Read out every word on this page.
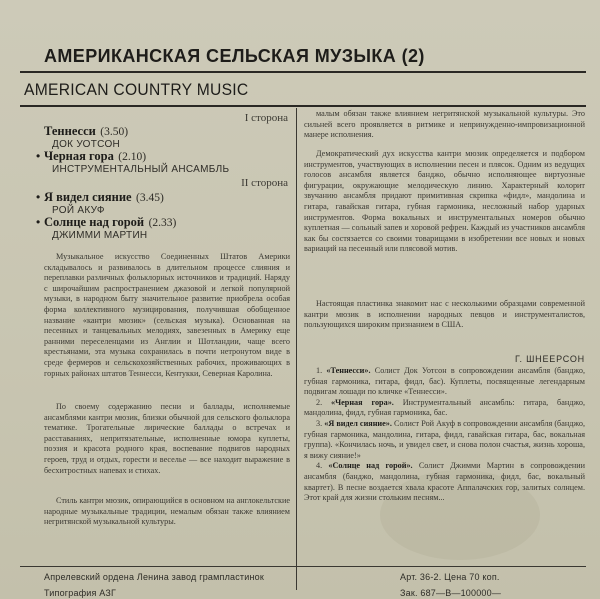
АМЕРИКАНСКАЯ СЕЛЬСКАЯ МУЗЫКА (2)
AMERICAN COUNTRY MUSIC
I сторона
II сторона
Теннесси (3.50)
ДОК УОТСОН
• Черная гора (2.10)
ИНСТРУМЕНТАЛЬНЫЙ АНСАМБЛЬ
• Я видел сияние (3.45)
РОЙ АКУФ
• Солнце над горой (2.33)
ДЖИММИ МАРТИН

Музыкальное искусство Соединенных Штатов Америки складывалось и развивалось в длительном процессе слияния и переплавки различных фольклорных источников и традиций. Наряду с широчайшим распространением джазовой и легкой популярной музыки, в народном быту значительное развитие приобрела особая форма коллективного музицирования, получившая обобщенное название «кантри мюзик» (сельская музыка). Основанная на песенных и танцевальных мелодиях, завезенных в Америку еще ранними переселенцами из Англии и Шотландии, чаще всего крестьянами, эта музыка сохранилась в почти нетронутом виде в среде фермеров и сельскохозяйственных рабочих, проживающих в горных районах штатов Теннесси, Кентукки, Северная Каролина.

По своему содержанию песни и баллады, исполняемые ансамблями кантри мюзик, близки обычной для сельского фольклора тематике. Трогательные лирические баллады о встречах и расставаниях, непритязательные, исполненные юмора куплеты, поэзия и красота родного края, воспевание подвигов народных героев, труд и отдых, горести и веселье — все находит выражение в бесхитростных напевах и стихах.

Стиль кантри мюзик, опирающийся в основном на англокельтские народные музыкальные традиции, немалым обязан также влиянием негритянской музыкальной культуры.

малым обязан также влиянием негритянской музыкальной культуры. Это сильней всего проявляется в ритмике и непринужденно-импровизационной манере исполнения.

Демократический дух искусства кантри мюзик определяется и подбором инструментов, участвующих в исполнении песен и плясок. Одним из ведущих голосов ансамбля является банджо, обычно исполняющее виртуозные фигурации, окружающие мелодическую линию. Характерный колорит звучанию ансамбля придают примитивная скрипка «фидл», мандолина и гитара, гавайская гитара, губная гармоника, несложный набор ударных инструментов. Форма вокальных и инструментальных номеров обычно куплетная — сольный запев и хоровой рефрен. Каждый из участников ансамбля как бы состязается со своими товарищами в изобретении все новых и новых вариаций на песенный или плясовой мотив.

Настоящая пластинка знакомит нас с несколькими образцами современной кантри мюзик в исполнении народных певцов и инструменталистов, пользующихся широким признанием в США.

Г. ШНЕЕРСОН

1. «Теннесси». Солист Док Уотсон в сопровождении ансамбля (банджо, губная гармоника, гитара, фидл, бас). Куплеты, посвященные легендарным подвигам лошади по кличке «Теннесси».

2. «Черная гора». Инструментальный ансамбль: гитара, банджо, мандолина, фидл, губная гармоника, бас.

3. «Я видел сияние». Солист Рой Акуф в сопровождении ансамбля (банджо, губная гармоника, мандолина, гитара, фидл, гавайская гитара, бас, вокальная группа). «Кончилась ночь, и увидел свет, и снова полон счастья, жизнь хороша, я вижу сияние!»

4. «Солнце над горой». Солист Джимми Мартин в сопровождении ансамбля (банджо, мандолина, губная гармоника, фидл, бас, вокальный квартет). В песне воздается хвала красоте Аппалачских гор, залитых солнцем. Этот край для жизни стольким песням...

Апрелевский ордена Ленина завод грампластинок
Типография АЗГ
Арт. 36-2. Цена 70 коп.
Зак. 687—В—100000—
